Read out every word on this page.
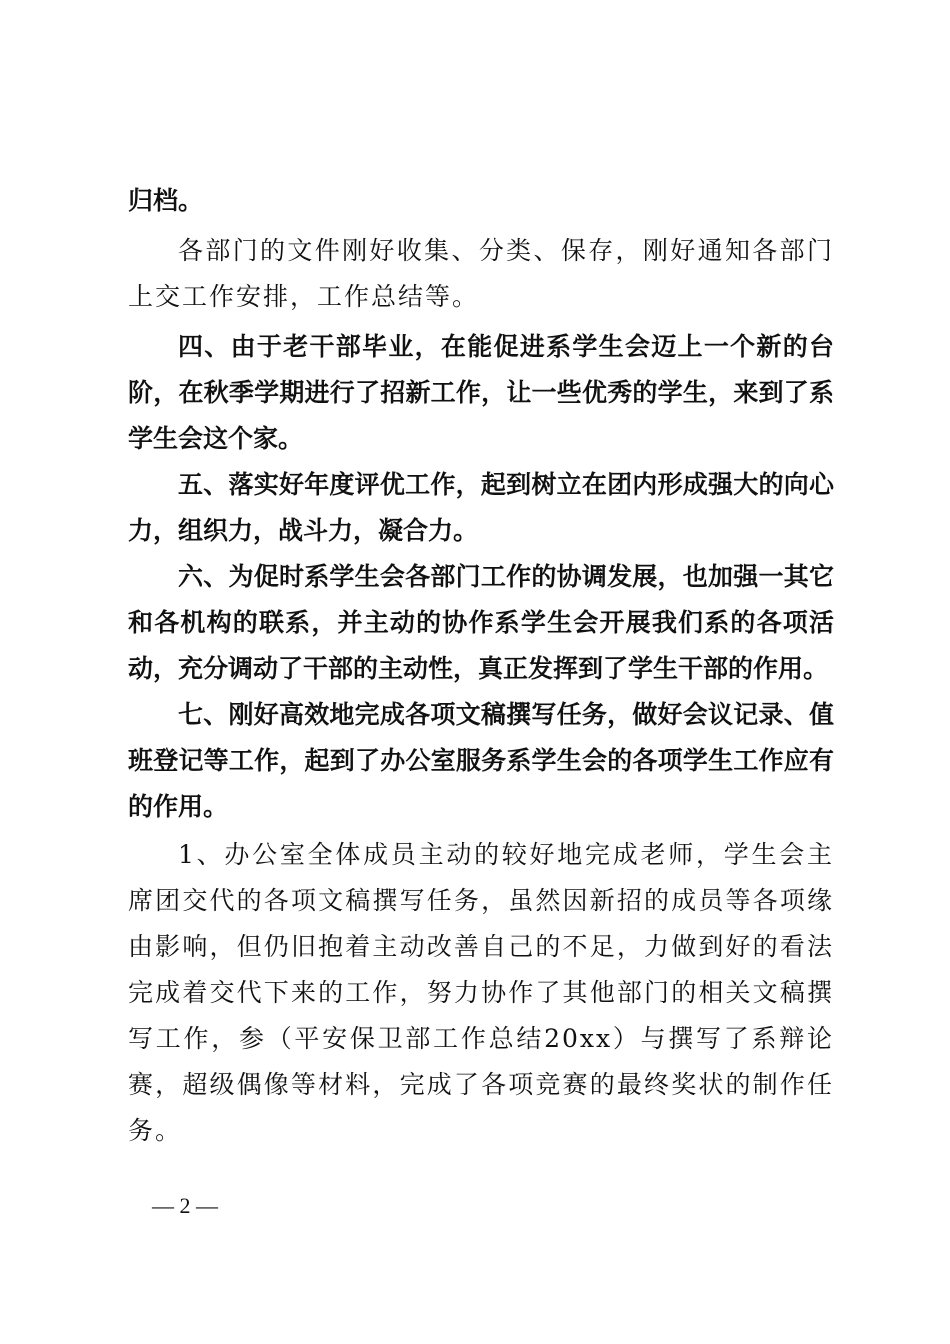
归档。

各部门的文件刚好收集、分类、保存，刚好通知各部门上交工作安排，工作总结等。

四、由于老干部毕业，在能促进系学生会迈上一个新的台阶，在秋季学期进行了招新工作，让一些优秀的学生，来到了系学生会这个家。

五、落实好年度评优工作，起到树立在团内形成强大的向心力，组织力，战斗力，凝合力。

六、为促时系学生会各部门工作的协调发展，也加强一其它和各机构的联系，并主动的协作系学生会开展我们系的各项活动，充分调动了干部的主动性，真正发挥到了学生干部的作用。

七、刚好高效地完成各项文稿撰写任务，做好会议记录、值班登记等工作，起到了办公室服务系学生会的各项学生工作应有的作用。

1、办公室全体成员主动的较好地完成老师，学生会主席团交代的各项文稿撰写任务，虽然因新招的成员等各项缘由影响，但仍旧抱着主动改善自己的不足，力做到好的看法完成着交代下来的工作，努力协作了其他部门的相关文稿撰写工作，参（平安保卫部工作总结20xx）与撰写了系辩论赛，超级偶像等材料，完成了各项竞赛的最终奖状的制作任务。

— 2 —
